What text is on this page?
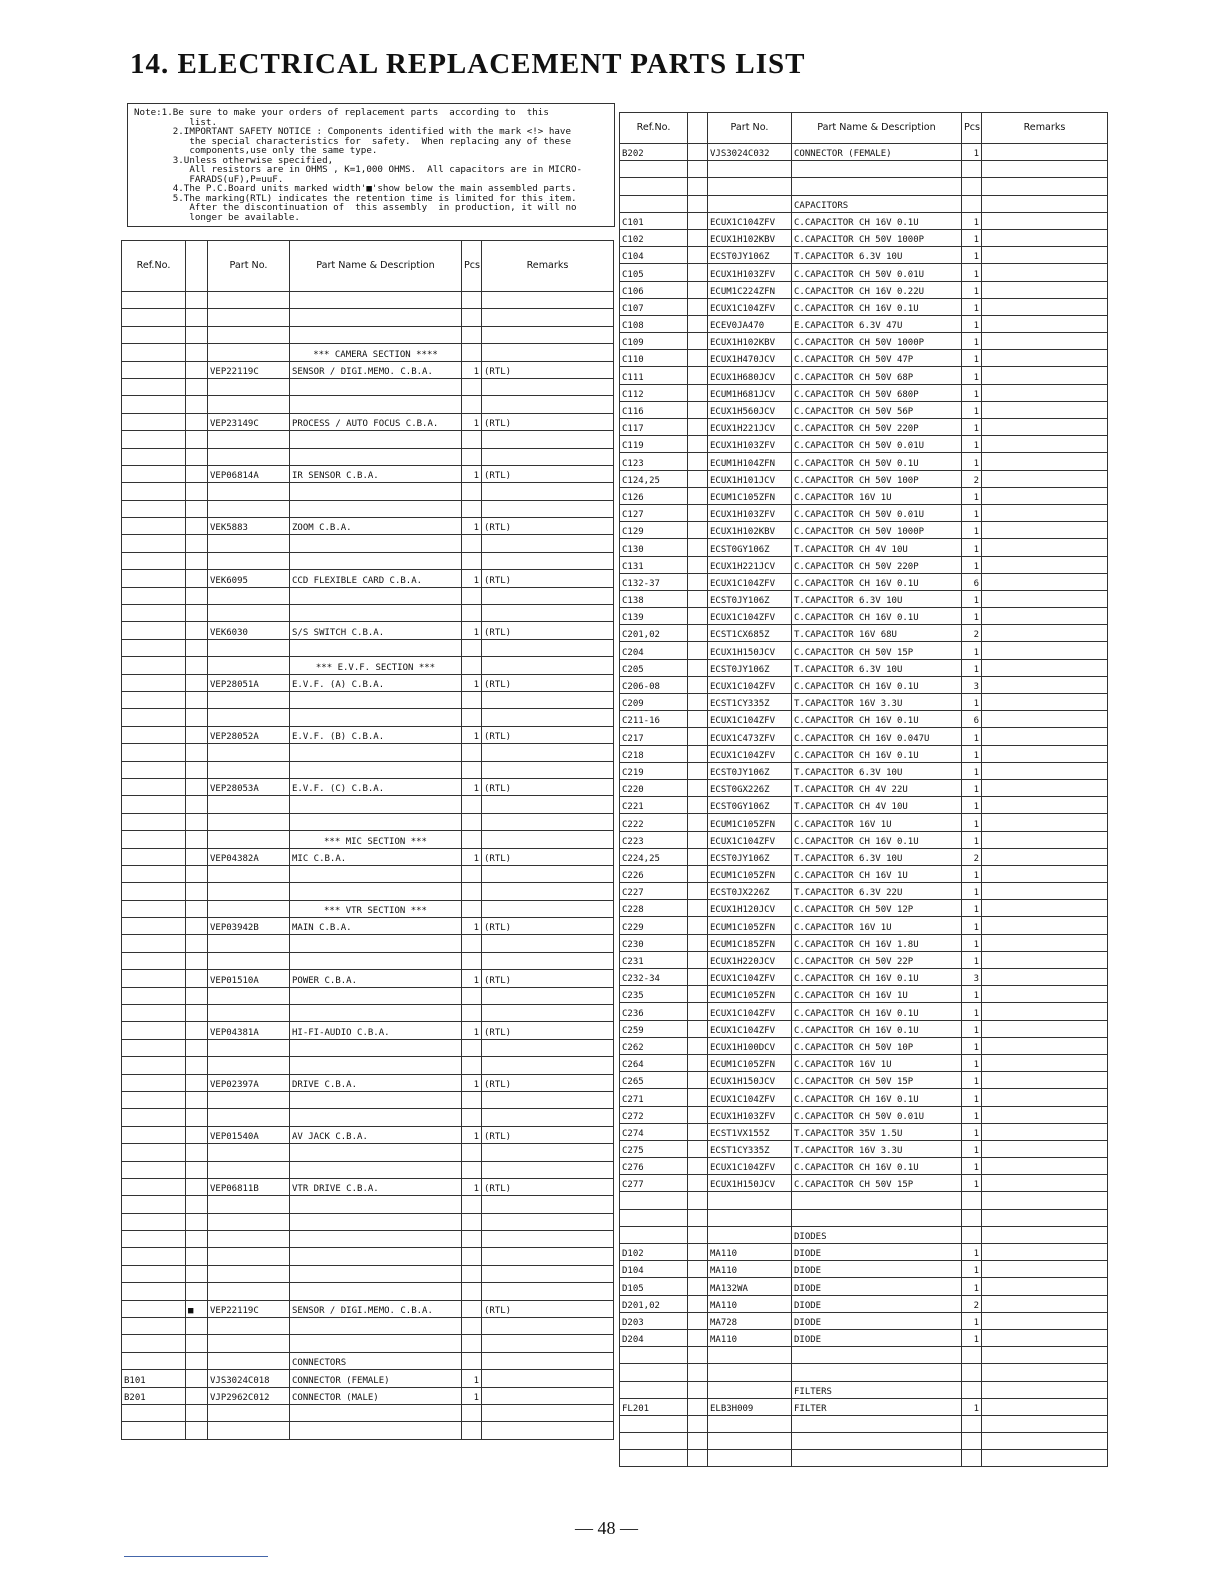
14. ELECTRICAL REPLACEMENT PARTS LIST
Note:1.Be sure to make your orders of replacement parts  according to  this
list.
2.IMPORTANT SAFETY NOTICE : Components identified with the mark <!> have
the special characteristics for  safety.  When replacing any of these
components,use only the same type.
3.Unless otherwise specified,
All resistors are in OHMS , K=1,000 OHMS.  All capacitors are in MICRO-
FARADS(uF),P=uuF.
4.The P.C.Board units marked width'■'show below the main assembled parts.
5.The marking(RTL) indicates the retention time is limited for this item.
After the discontinuation of  this assembly  in production, it will no
longer be available.
Ref.No.		Part No.	Part Name & Description	Pcs	Remarks

			*** CAMERA SECTION ****		
		VEP22119C	SENSOR / DIGI.MEMO. C.B.A.	1	(RTL)

		VEP23149C	PROCESS / AUTO FOCUS C.B.A.	1	(RTL)

		VEP06814A	IR SENSOR C.B.A.	1	(RTL)

		VEK5883	ZOOM C.B.A.	1	(RTL)

		VEK6095	CCD FLEXIBLE CARD C.B.A.	1	(RTL)

		VEK6030	S/S SWITCH C.B.A.	1	(RTL)

			*** E.V.F. SECTION ***		
		VEP28051A	E.V.F. (A) C.B.A.	1	(RTL)

		VEP28052A	E.V.F. (B) C.B.A.	1	(RTL)

		VEP28053A	E.V.F. (C) C.B.A.	1	(RTL)

			*** MIC SECTION ***		
		VEP04382A	MIC C.B.A.	1	(RTL)

			*** VTR SECTION ***		
		VEP03942B	MAIN C.B.A.	1	(RTL)

		VEP01510A	POWER C.B.A.	1	(RTL)

		VEP04381A	HI-FI-AUDIO C.B.A.	1	(RTL)

		VEP02397A	DRIVE C.B.A.	1	(RTL)

		VEP01540A	AV JACK C.B.A.	1	(RTL)

		VEP06811B	VTR DRIVE C.B.A.	1	(RTL)

	■	VEP22119C	SENSOR / DIGI.MEMO. C.B.A.		(RTL)

			CONNECTORS		
B101		VJS3024C018	CONNECTOR (FEMALE)	1	
B201		VJP2962C012	CONNECTOR (MALE)	1	

Ref.No.		Part No.	Part Name & Description	Pcs	Remarks
B202		VJS3024C032	CONNECTOR (FEMALE)	1	

			CAPACITORS		
C101		ECUX1C104ZFV	C.CAPACITOR CH 16V 0.1U	1	
C102		ECUX1H102KBV	C.CAPACITOR CH 50V 1000P	1	
C104		ECST0JY106Z	T.CAPACITOR 6.3V 10U	1	
C105		ECUX1H103ZFV	C.CAPACITOR CH 50V 0.01U	1	
C106		ECUM1C224ZFN	C.CAPACITOR CH 16V 0.22U	1	
C107		ECUX1C104ZFV	C.CAPACITOR CH 16V 0.1U	1	
C108		ECEV0JA470	E.CAPACITOR 6.3V 47U	1	
C109		ECUX1H102KBV	C.CAPACITOR CH 50V 1000P	1	
C110		ECUX1H470JCV	C.CAPACITOR CH 50V 47P	1	
C111		ECUX1H680JCV	C.CAPACITOR CH 50V 68P	1	
C112		ECUM1H681JCV	C.CAPACITOR CH 50V 680P	1	
C116		ECUX1H560JCV	C.CAPACITOR CH 50V 56P	1	
C117		ECUX1H221JCV	C.CAPACITOR CH 50V 220P	1	
C119		ECUX1H103ZFV	C.CAPACITOR CH 50V 0.01U	1	
C123		ECUM1H104ZFN	C.CAPACITOR CH 50V 0.1U	1	
C124,25		ECUX1H101JCV	C.CAPACITOR CH 50V 100P	2	
C126		ECUM1C105ZFN	C.CAPACITOR 16V 1U	1	
C127		ECUX1H103ZFV	C.CAPACITOR CH 50V 0.01U	1	
C129		ECUX1H102KBV	C.CAPACITOR CH 50V 1000P	1	
C130		ECST0GY106Z	T.CAPACITOR CH 4V 10U	1	
C131		ECUX1H221JCV	C.CAPACITOR CH 50V 220P	1	
C132-37		ECUX1C104ZFV	C.CAPACITOR CH 16V 0.1U	6	
C138		ECST0JY106Z	T.CAPACITOR 6.3V 10U	1	
C139		ECUX1C104ZFV	C.CAPACITOR CH 16V 0.1U	1	
C201,02		ECST1CX685Z	T.CAPACITOR 16V 68U	2	
C204		ECUX1H150JCV	C.CAPACITOR CH 50V 15P	1	
C205		ECST0JY106Z	T.CAPACITOR 6.3V 10U	1	
C206-08		ECUX1C104ZFV	C.CAPACITOR CH 16V 0.1U	3	
C209		ECST1CY335Z	T.CAPACITOR 16V 3.3U	1	
C211-16		ECUX1C104ZFV	C.CAPACITOR CH 16V 0.1U	6	
C217		ECUX1C473ZFV	C.CAPACITOR CH 16V 0.047U	1	
C218		ECUX1C104ZFV	C.CAPACITOR CH 16V 0.1U	1	
C219		ECST0JY106Z	T.CAPACITOR 6.3V 10U	1	
C220		ECST0GX226Z	T.CAPACITOR CH 4V 22U	1	
C221		ECST0GY106Z	T.CAPACITOR CH 4V 10U	1	
C222		ECUM1C105ZFN	C.CAPACITOR 16V 1U	1	
C223		ECUX1C104ZFV	C.CAPACITOR CH 16V 0.1U	1	
C224,25		ECST0JY106Z	T.CAPACITOR 6.3V 10U	2	
C226		ECUM1C105ZFN	C.CAPACITOR CH 16V 1U	1	
C227		ECST0JX226Z	T.CAPACITOR 6.3V 22U	1	
C228		ECUX1H120JCV	C.CAPACITOR CH 50V 12P	1	
C229		ECUM1C105ZFN	C.CAPACITOR 16V 1U	1	
C230		ECUM1C185ZFN	C.CAPACITOR CH 16V 1.8U	1	
C231		ECUX1H220JCV	C.CAPACITOR CH 50V 22P	1	
C232-34		ECUX1C104ZFV	C.CAPACITOR CH 16V 0.1U	3	
C235		ECUM1C105ZFN	C.CAPACITOR CH 16V 1U	1	
C236		ECUX1C104ZFV	C.CAPACITOR CH 16V 0.1U	1	
C259		ECUX1C104ZFV	C.CAPACITOR CH 16V 0.1U	1	
C262		ECUX1H100DCV	C.CAPACITOR CH 50V 10P	1	
C264		ECUM1C105ZFN	C.CAPACITOR 16V 1U	1	
C265		ECUX1H150JCV	C.CAPACITOR CH 50V 15P	1	
C271		ECUX1C104ZFV	C.CAPACITOR CH 16V 0.1U	1	
C272		ECUX1H103ZFV	C.CAPACITOR CH 50V 0.01U	1	
C274		ECST1VX155Z	T.CAPACITOR 35V 1.5U	1	
C275		ECST1CY335Z	T.CAPACITOR 16V 3.3U	1	
C276		ECUX1C104ZFV	C.CAPACITOR CH 16V 0.1U	1	
C277		ECUX1H150JCV	C.CAPACITOR CH 50V 15P	1	

			DIODES		
D102		MA110	DIODE	1	
D104		MA110	DIODE	1	
D105		MA132WA	DIODE	1	
D201,02		MA110	DIODE	2	
D203		MA728	DIODE	1	
D204		MA110	DIODE	1	

			FILTERS		
FL201		ELB3H009	FILTER	1	

— 48 —
